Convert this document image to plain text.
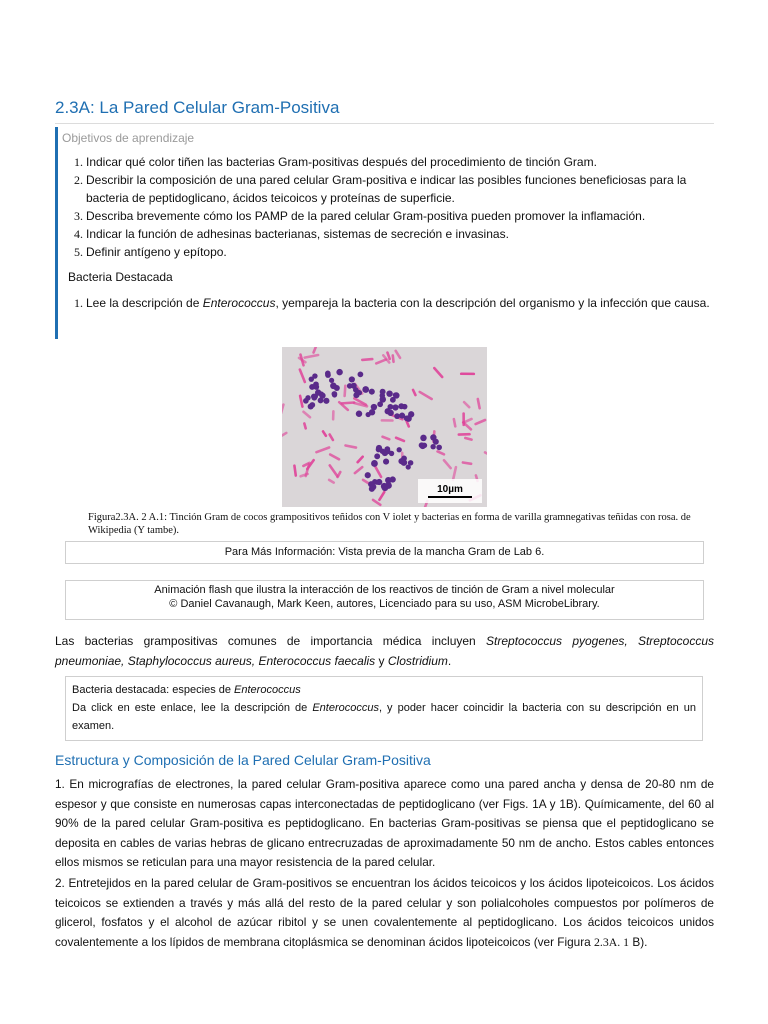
2.3A: La Pared Celular Gram-Positiva
Objetivos de aprendizaje
1. Indicar qué color tiñen las bacterias Gram-positivas después del procedimiento de tinción Gram.
2. Describir la composición de una pared celular Gram-positiva e indicar las posibles funciones beneficiosas para la bacteria de peptidoglicano, ácidos teicoicos y proteínas de superficie.
3. Describa brevemente cómo los PAMP de la pared celular Gram-positiva pueden promover la inflamación.
4. Indicar la función de adhesinas bacterianas, sistemas de secreción e invasinas.
5. Definir antígeno y epítopo.
Bacteria Destacada
1. Lee la descripción de Enterococcus, yempareja la bacteria con la descripción del organismo y la infección que causa.
10µm
Figura2.3A. 2 A.1: Tinción Gram de cocos grampositivos teñidos con V iolet y bacterias en forma de varilla gramnegativas teñidas con rosa. de Wikipedia (Y tambe).
Para Más Información: Vista previa de la mancha Gram de Lab 6.
Animación flash que ilustra la interacción de los reactivos de tinción de Gram a nivel molecular
© Daniel Cavanaugh, Mark Keen, autores, Licenciado para su uso, ASM MicrobeLibrary.
Las bacterias grampositivas comunes de importancia médica incluyen Streptococcus pyogenes, Streptococcus pneumoniae, Staphylococcus aureus, Enterococcus faecalis y Clostridium.
Bacteria destacada: especies de Enterococcus
Da click en este enlace, lee la descripción de Enterococcus, y poder hacer coincidir la bacteria con su descripción en un examen.
Estructura y Composición de la Pared Celular Gram-Positiva
1. En micrografías de electrones, la pared celular Gram-positiva aparece como una pared ancha y densa de 20-80 nm de espesor y que consiste en numerosas capas interconectadas de peptidoglicano (ver Figs. 1A y 1B). Químicamente, del 60 al 90% de la pared celular Gram-positiva es peptidoglicano. En bacterias Gram-positivas se piensa que el peptidoglicano se deposita en cables de varias hebras de glicano entrecruzadas de aproximadamente 50 nm de ancho. Estos cables entonces ellos mismos se reticulan para una mayor resistencia de la pared celular.
2. Entretejidos en la pared celular de Gram-positivos se encuentran los ácidos teicoicos y los ácidos lipoteicoicos. Los ácidos teicoicos se extienden a través y más allá del resto de la pared celular y son polialcoholes compuestos por polímeros de glicerol, fosfatos y el alcohol de azúcar ribitol y se unen covalentemente al peptidoglicano. Los ácidos teicoicos unidos covalentemente a los lípidos de membrana citoplásmica se denominan ácidos lipoteicoicos (ver Figura 2.3A. 1 B).
